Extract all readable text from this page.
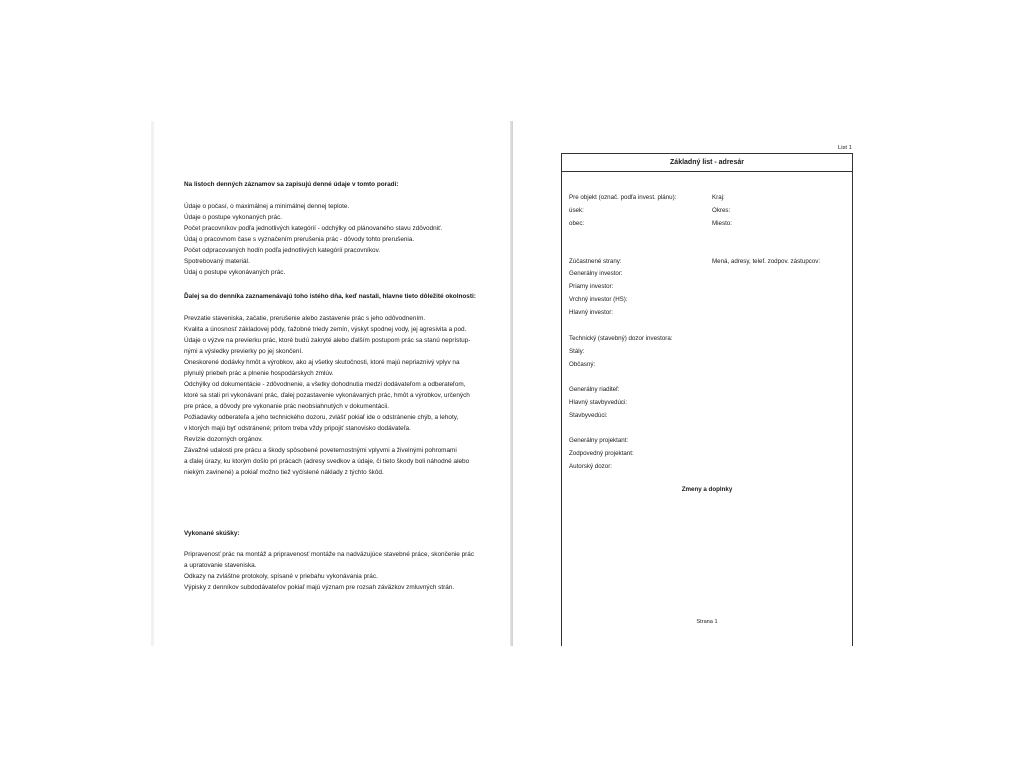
Na listoch denných záznamov sa zapisujú denné údaje v tomto poradí:
Údaje o počasí, o maximálnej a minimálnej dennej teplote.
Údaje o postupe vykonaných prác.
Počet pracovníkov podľa jednotlivých kategórií - odchýlky od plánovaného stavu zdôvodniť.
Údaj o pracovnom čase s vyznačením prerušenia prác - dôvody tohto prerušenia.
Počet odpracovaných hodín podľa jednotlivých kategórií pracovníkov.
Spotrebovaný materiál.
Údaj o postupe vykonávaných prác.
Ďalej sa do denníka zaznamenávajú toho istého dňa, keď nastali, hlavne tieto dôležité okolnosti:
Prevzatie staveniska, začatie, prerušenie alebo zastavenie prác s jeho odôvodnením.
Kvalita a únosnosť základovej pôdy, ťažobné triedy zemín, výskyt spodnej vody, jej agresivita a pod.
Údaje o výzve na previerku prác, ktoré budú zakryté alebo ďalším postupom prác sa stanú neprístup-
nými a výsledky previerky po jej skončení.
Oneskorené dodávky hmôt a výrobkov, ako aj všetky skutočnosti, ktoré majú nepriaznivý vplyv na
plynulý priebeh prác a plnenie hospodárskych zmlúv.
Odchýlky od dokumentácie - zdôvodnenie, a všetky dohodnutia medzi dodávateľom a odberateľom,
ktoré sa stali pri vykonávaní prác, ďalej pozastavenie vykonávaných prác, hmôt a výrobkov, určených
pre práce, a dôvody pre vykonanie prác neobsiahnutých v dokumentácii.
Požiadavky odberateľa a jeho technického dozoru, zvlášť pokiaľ ide o odstránenie chýb, a lehoty,
v ktorých majú byť odstránené; pritom treba vždy pripojiť stanovisko dodávateľa.
Revízie dozorných orgánov.
Závažné udalosti pre prácu a škody spôsobené poveternostnými vplyvmi a živelnými pohromami
a ďalej úrazy, ku ktorým došlo pri prácach (adresy svedkov a údaje, či tieto škody boli náhodné alebo
niekým zavinené) a pokiaľ možno tiež vyčíslené náklady z týchto škôd.
Vykonané skúšky:
Pripravenosť prác na montáž a pripravenosť montáže na nadväzujúce stavebné práce, skončenie prác
a upratovanie staveniska.
Odkazy na zvláštne protokoly, spísané v priebahu vykonávania prác.
Výpisky z denníkov subdodávateľov pokiaľ majú význam pre rozsah záväzkov zmluvných strán.
List 1
Základný list - adresár
Pre objekt (označ. podľa invest. plánu):	Kraj:
úsek:	Okres:
obec:	Miesto:
Zúčastnené strany:	Mená, adresy, telef. zodpov. zástupcov:
Generálny investor:
Priamy investor:
Vrchný investor (HS):
Hlavný investor:
Technický (stavebný) dozor investora:
Stály:
Občasný:
Generálny riaditeľ:
Hlavný stavbyvedúci:
Stavbyvedúci:
Generálny projektant:
Zodpovedný projektant:
Autorský dozor:
Zmeny a doplnky
Strana 1
